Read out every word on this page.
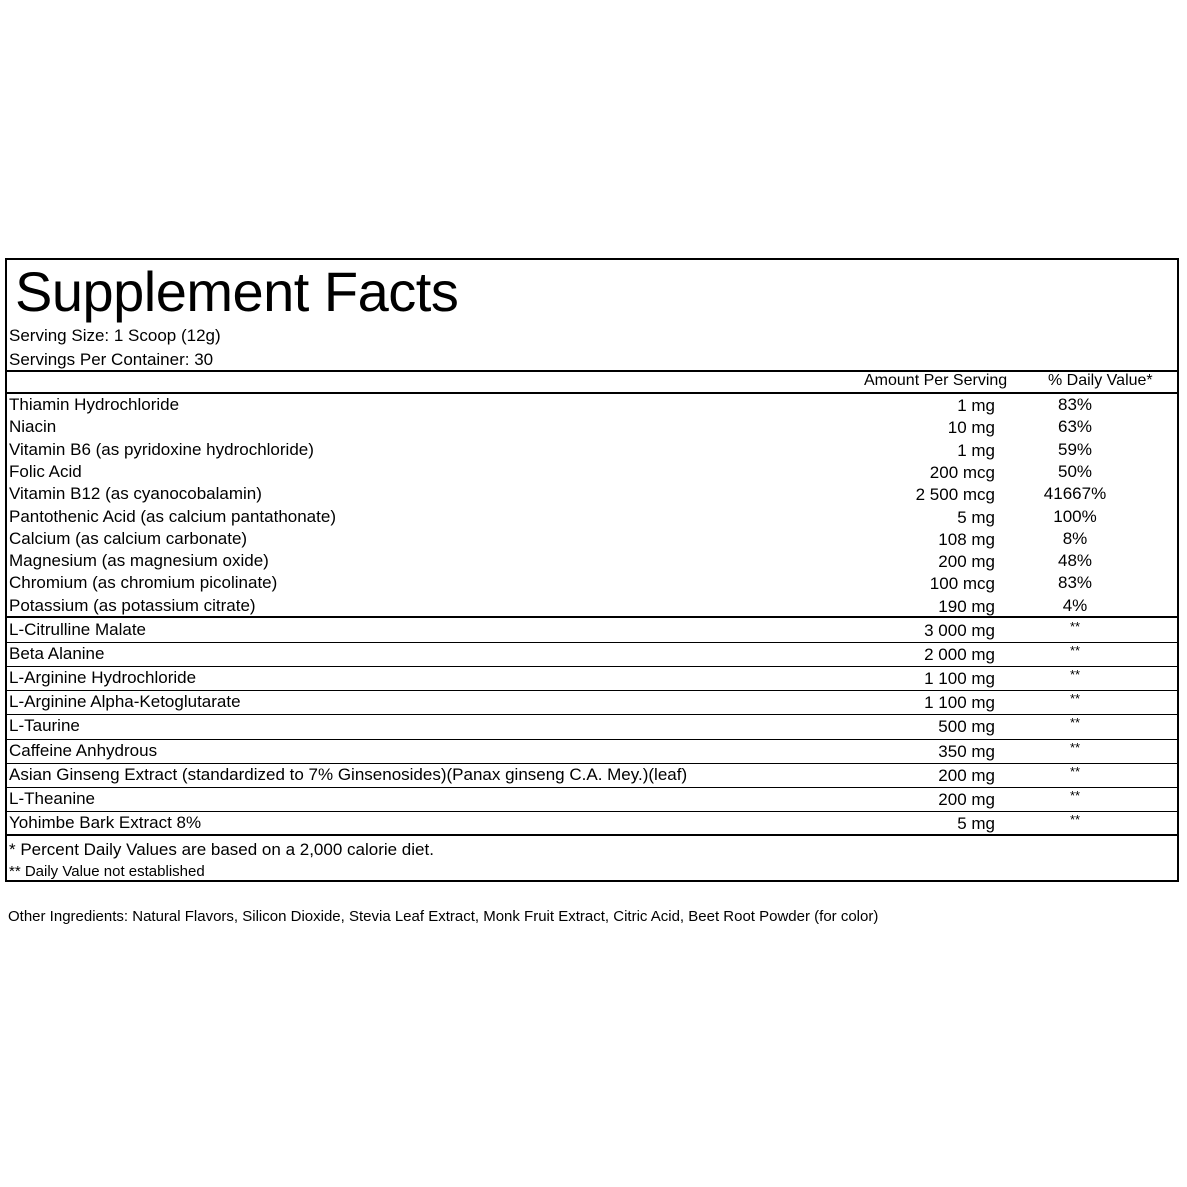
Supplement Facts
Serving Size: 1 Scoop (12g)
Servings Per Container: 30
Amount Per Serving	% Daily Value*
Thiamin Hydrochloride	1 mg	83%
Niacin	10 mg	63%
Vitamin B6 (as pyridoxine hydrochloride)	1 mg	59%
Folic Acid	200 mcg	50%
Vitamin B12 (as cyanocobalamin)	2 500 mcg	41667%
Pantothenic Acid (as calcium pantathonate)	5 mg	100%
Calcium (as calcium carbonate)	108 mg	8%
Magnesium (as magnesium oxide)	200 mg	48%
Chromium (as chromium picolinate)	100 mcg	83%
Potassium (as potassium citrate)	190 mg	4%
L-Citrulline Malate	3 000 mg	**
Beta Alanine	2 000 mg	**
L-Arginine Hydrochloride	1 100 mg	**
L-Arginine Alpha-Ketoglutarate	1 100 mg	**
L-Taurine	500 mg	**
Caffeine Anhydrous	350 mg	**
Asian Ginseng Extract (standardized to 7% Ginsenosides)(Panax ginseng C.A. Mey.)(leaf)	200 mg	**
L-Theanine	200 mg	**
Yohimbe Bark Extract 8%	5 mg	**
* Percent Daily Values are based on a 2,000 calorie diet.
** Daily Value not established
Other Ingredients: Natural Flavors, Silicon Dioxide, Stevia Leaf Extract, Monk Fruit Extract, Citric Acid, Beet Root Powder (for color)
